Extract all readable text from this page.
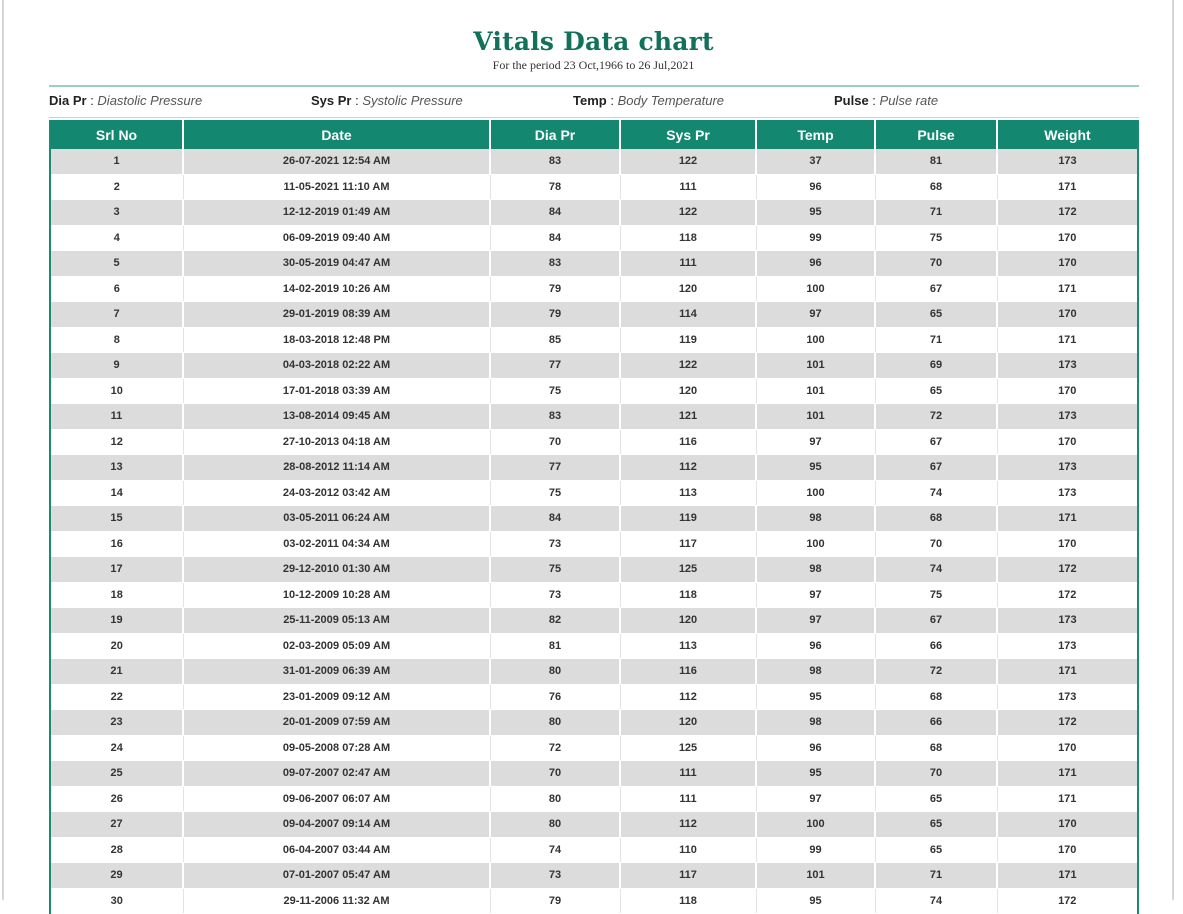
Vitals Data chart
For the period 23 Oct,1966 to 26 Jul,2021
Dia Pr : Diastolic Pressure	Sys Pr : Systolic Pressure	Temp : Body Temperature	Pulse : Pulse rate
Srl No	Date	Dia Pr	Sys Pr	Temp	Pulse	Weight
1	26-07-2021 12:54 AM	83	122	37	81	173
2	11-05-2021 11:10 AM	78	111	96	68	171
3	12-12-2019 01:49 AM	84	122	95	71	172
4	06-09-2019 09:40 AM	84	118	99	75	170
5	30-05-2019 04:47 AM	83	111	96	70	170
6	14-02-2019 10:26 AM	79	120	100	67	171
7	29-01-2019 08:39 AM	79	114	97	65	170
8	18-03-2018 12:48 PM	85	119	100	71	171
9	04-03-2018 02:22 AM	77	122	101	69	173
10	17-01-2018 03:39 AM	75	120	101	65	170
11	13-08-2014 09:45 AM	83	121	101	72	173
12	27-10-2013 04:18 AM	70	116	97	67	170
13	28-08-2012 11:14 AM	77	112	95	67	173
14	24-03-2012 03:42 AM	75	113	100	74	173
15	03-05-2011 06:24 AM	84	119	98	68	171
16	03-02-2011 04:34 AM	73	117	100	70	170
17	29-12-2010 01:30 AM	75	125	98	74	172
18	10-12-2009 10:28 AM	73	118	97	75	172
19	25-11-2009 05:13 AM	82	120	97	67	173
20	02-03-2009 05:09 AM	81	113	96	66	173
21	31-01-2009 06:39 AM	80	116	98	72	171
22	23-01-2009 09:12 AM	76	112	95	68	173
23	20-01-2009 07:59 AM	80	120	98	66	172
24	09-05-2008 07:28 AM	72	125	96	68	170
25	09-07-2007 02:47 AM	70	111	95	70	171
26	09-06-2007 06:07 AM	80	111	97	65	171
27	09-04-2007 09:14 AM	80	112	100	65	170
28	06-04-2007 03:44 AM	74	110	99	65	170
29	07-01-2007 05:47 AM	73	117	101	71	171
30	29-11-2006 11:32 AM	79	118	95	74	172
